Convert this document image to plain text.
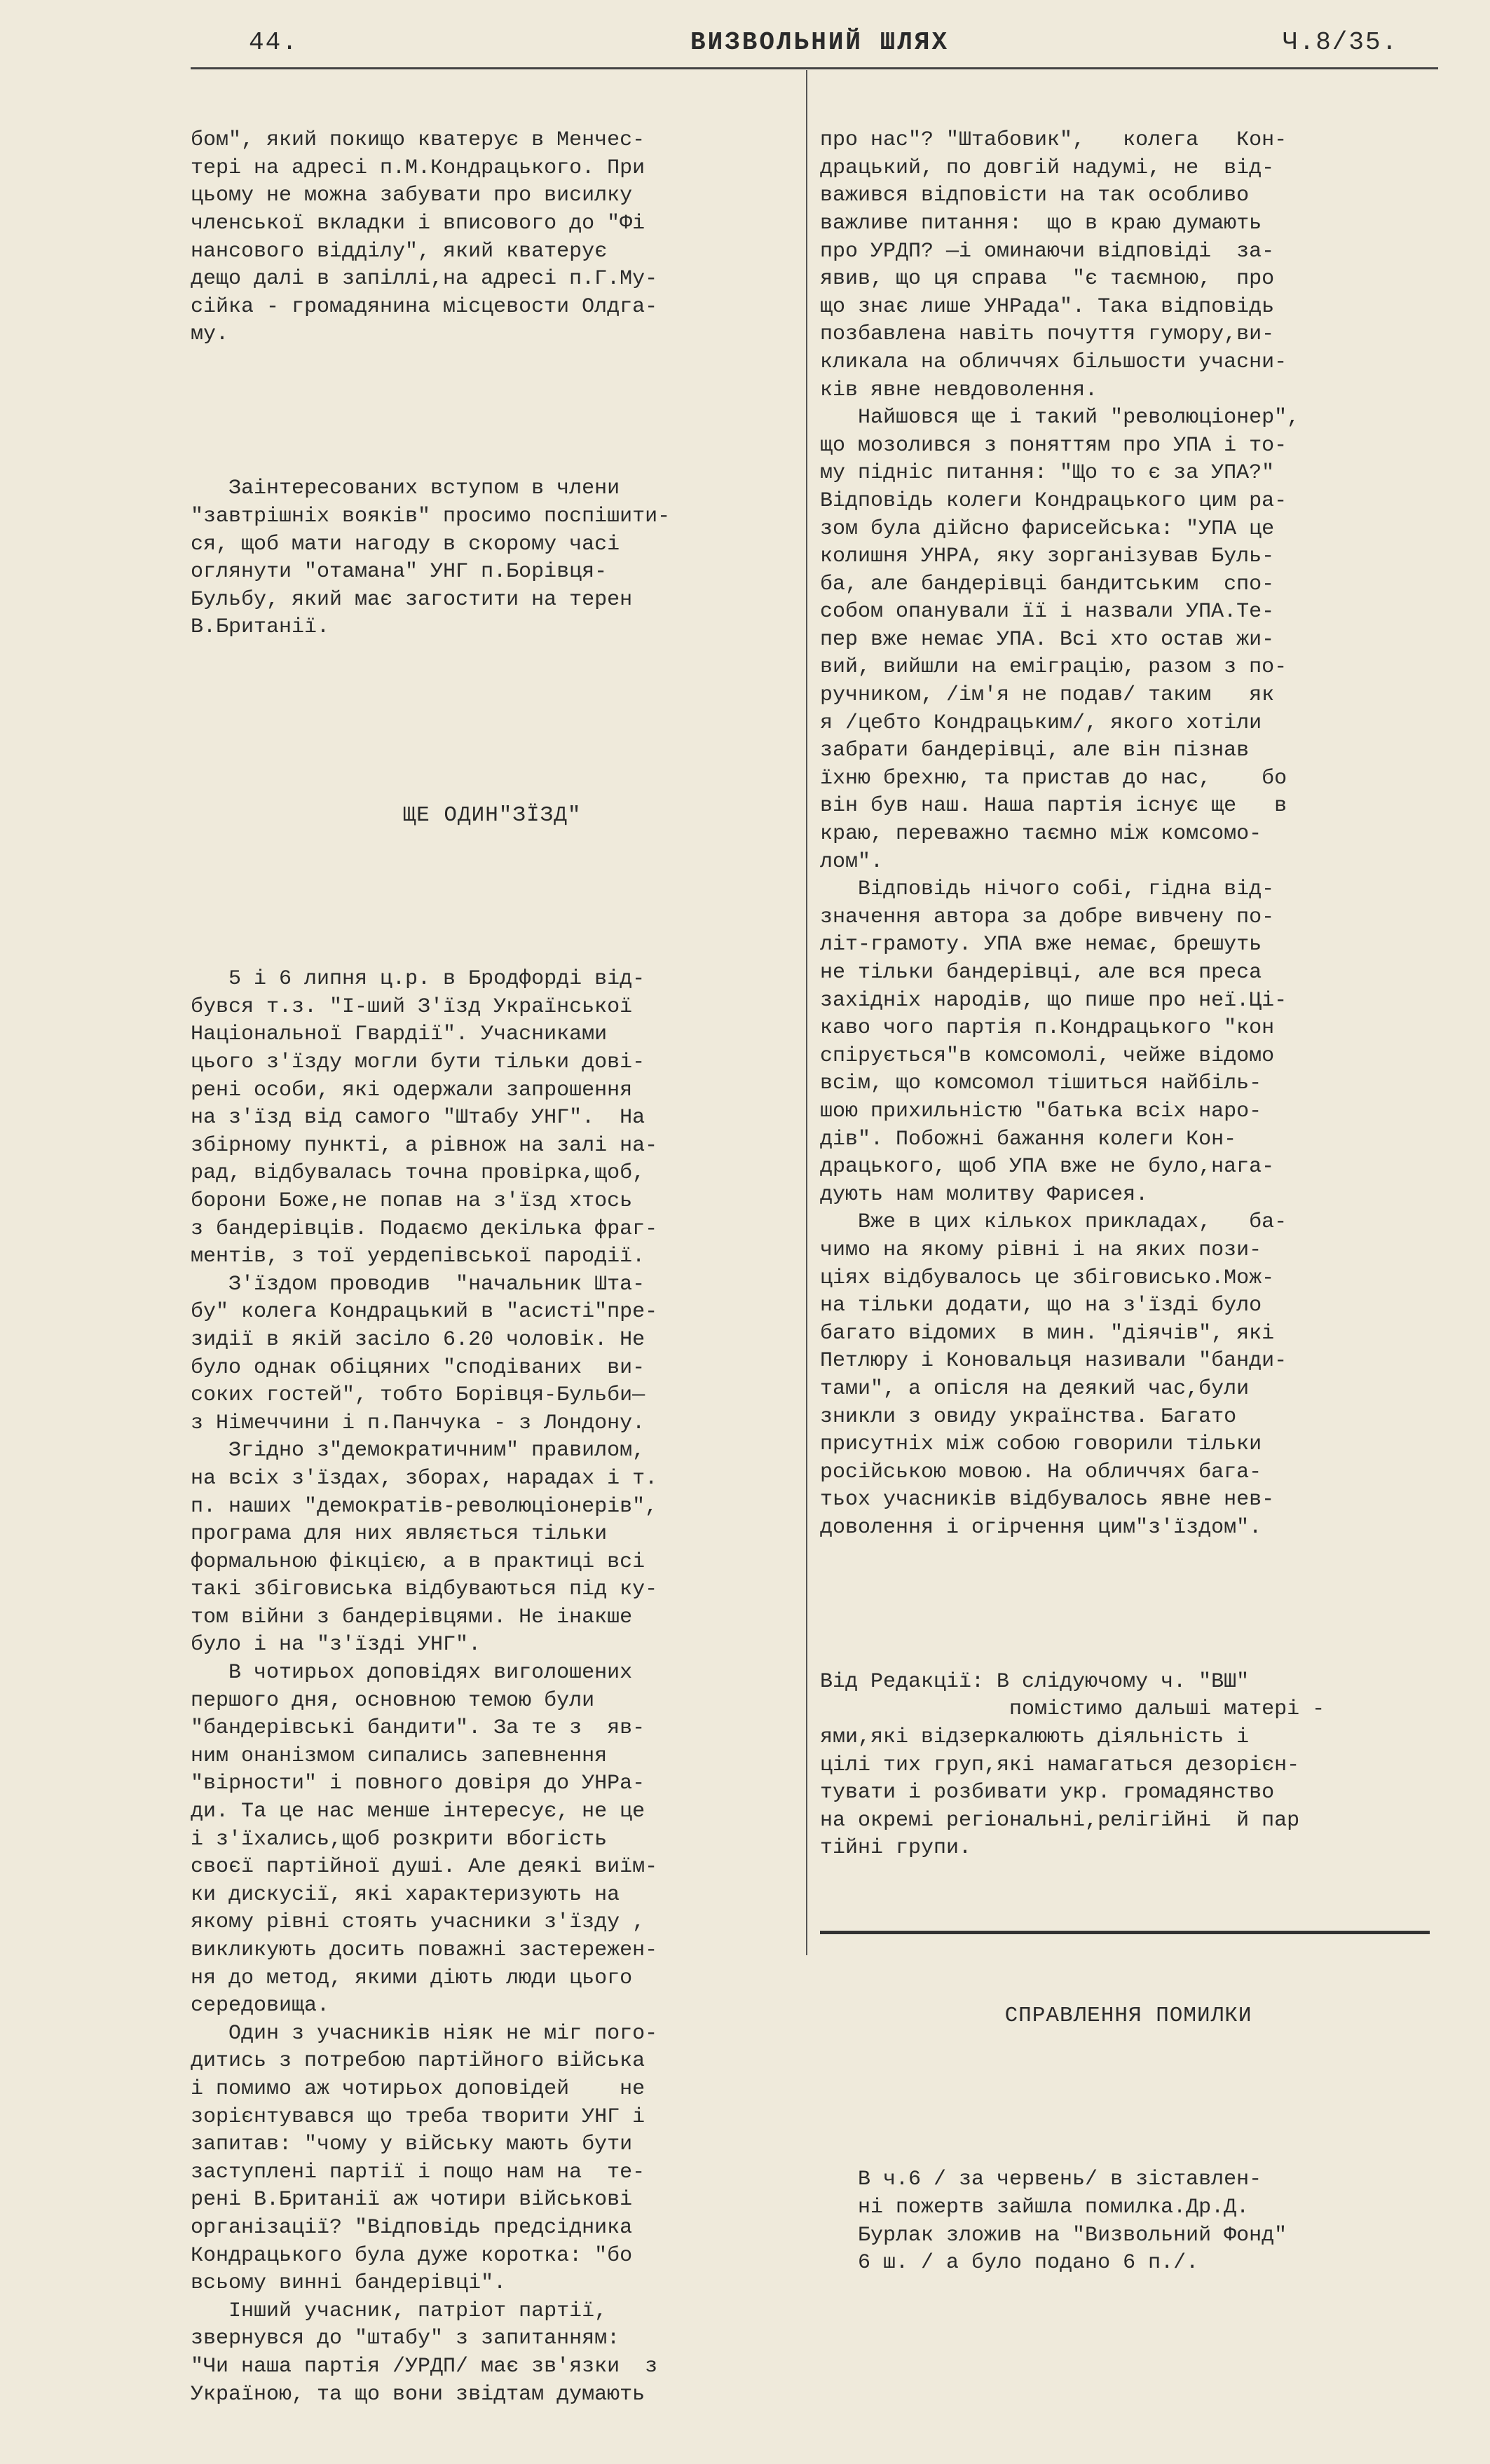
44.	ВИЗВОЛЬНИЙ ШЛЯХ	Ч.8/35.

бом", який покищо кватерує в Менчес-
тері на адресі п.М.Кондрацького. При
цьому не можна забувати про висилку
членської вкладки і вписового до "Фі
нансового відділу", який кватерує
дещо далі в запіллі,на адресі п.Г.Му-
сійка - громадянина місцевости Олдга-
му.

Заінтересованих вступом в члени
"завтрішніх вояків" просимо поспішити-
ся, щоб мати нагоду в скорому часі
оглянути "отамана" УНГ п.Борівця-
Бульбу, який має загостити на терен
В.Британії.

ЩЕ ОДИН"ЗЇЗД"

5 і 6 липня ц.р. в Бродфорді від-
бувся т.з. "І-ший З'їзд Української
Національної Гвардії". Учасниками
цього з'їзду могли бути тільки дові-
рені особи, які одержали запрошення
на з'їзд від самого "Штабу УНГ".  На
збірному пункті, а рівнож на залі на-
рад, відбувалась точна провірка,щоб,
борони Боже,не попав на з'їзд хтось
з бандерівців. Подаємо декілька фраг-
ментів, з тої уердепівської пародії.
З'їздом проводив  "начальник Шта-
бу" колега Кондрацький в "асисті"пре-
зидії в якій засіло 6.20 чоловік. Не
було однак обіцяних "сподіваних  ви-
соких гостей", тобто Борівця-Бульби—
з Німеччини і п.Панчука - з Лондону.
Згідно з"демократичним" правилом,
на всіх з'їздах, зборах, нарадах і т.
п. наших "демократів-революціонерів",
програма для них являється тільки
формальною фікцією, а в практиці всі
такі збіговиська відбуваються під ку-
том війни з бандерівцями. Не інакше
було і на "з'їзді УНГ".
В чотирьох доповідях виголошених
першого дня, основною темою були
"бандерівські бандити". За те з  яв-
ним онанізмом сипались запевнення
"вірности" і повного довіря до УНРа-
ди. Та це нас менше інтересує, не це
і з'їхались,щоб розкрити вбогість
своєї партійної душі. Але деякі виїм-
ки дискусії, які характеризують на
якому рівні стоять учасники з'їзду ,
викликують досить поважні застережен-
ня до метод, якими діють люди цього
середовища.
Один з учасників ніяк не міг пого-
дитись з потребою партійного війська
і помимо аж чотирьох доповідей    не
зорієнтувався що треба творити УНГ і
запитав: "чому у війську мають бути
заступлені партії і пощо нам на  те-
рені В.Британії аж чотири військові
організації? "Відповідь предсідника
Кондрацького була дуже коротка: "бо
всьому винні бандерівці".
Інший учасник, патріот партії,
звернувся до "штабу" з запитанням:
"Чи наша партія /УРДП/ має зв'язки  з
Україною, та що вони звідтам думають

про нас"? "Штабовик",   колега   Кон-
драцький, по довгій надумі, не  від-
важився відповісти на так особливо
важливе питання:  що в краю думають
про УРДП? —і оминаючи відповіді  за-
явив, що ця справа  "є таємною,  про
що знає лише УНРада". Така відповідь
позбавлена навіть почуття гумору,ви-
кликала на обличчях більшости учасни-
ків явне невдоволення.
Найшовся ще і такий "революціонер",
що мозолився з поняттям про УПА і то-
му підніс питання: "Що то є за УПА?"
Відповідь колеги Кондрацького цим ра-
зом була дійсно фарисейська: "УПА це
колишня УНРА, яку зорганізував Буль-
ба, але бандерівці бандитським  спо-
собом опанували її і назвали УПА.Те-
пер вже немає УПА. Всі хто остав жи-
вий, вийшли на еміграцію, разом з по-
ручником, /ім'я не подав/ таким   як
я /цебто Кондрацьким/, якого хотіли
забрати бандерівці, але він пізнав
їхню брехню, та пристав до нас,    бо
він був наш. Наша партія існує ще   в
краю, переважно таємно між комсомо-
лом".
Відповідь нічого собі, гідна від-
значення автора за добре вивчену по-
літ-грамоту. УПА вже немає, брешуть
не тільки бандерівці, але вся преса
західніх народів, що пише про неї.Ці-
каво чого партія п.Кондрацького "кон
спірується"в комсомолі, чейже відомо
всім, що комсомол тішиться найбіль-
шою прихильністю "батька всіх наро-
дів". Побожні бажання колеги Кон-
драцького, щоб УПА вже не було,нага-
дують нам молитву Фарисея.
Вже в цих кількох прикладах,   ба-
чимо на якому рівні і на яких пози-
ціях відбувалось це збіговисько.Мож-
на тільки додати, що на з'їзді було
багато відомих  в мин. "діячів", які
Петлюру і Коновальця називали "банди-
тами", а опісля на деякий час,були
зникли з овиду українства. Багато
присутніх між собою говорили тільки
російською мовою. На обличчях бага-
тьох учасників відбувалось явне нев-
доволення і огірчення цим"з'їздом".

Від Редакції: В слідуючому ч. "ВШ"
помістимо дальші матері -
ями,які відзеркалюють діяльність і
цілі тих груп,які намагаться дезорієн-
тувати і розбивати укр. громадянство
на окремі регіональні,релігійні  й пар
тійні групи.

СПРАВЛЕННЯ ПОМИЛКИ

В ч.6 / за червень/ в зіставлен-
ні пожертв зайшла помилка.Др.Д.
Бурлак зложив на "Визвольний Фонд"
6 ш. / а було подано 6 п./.
